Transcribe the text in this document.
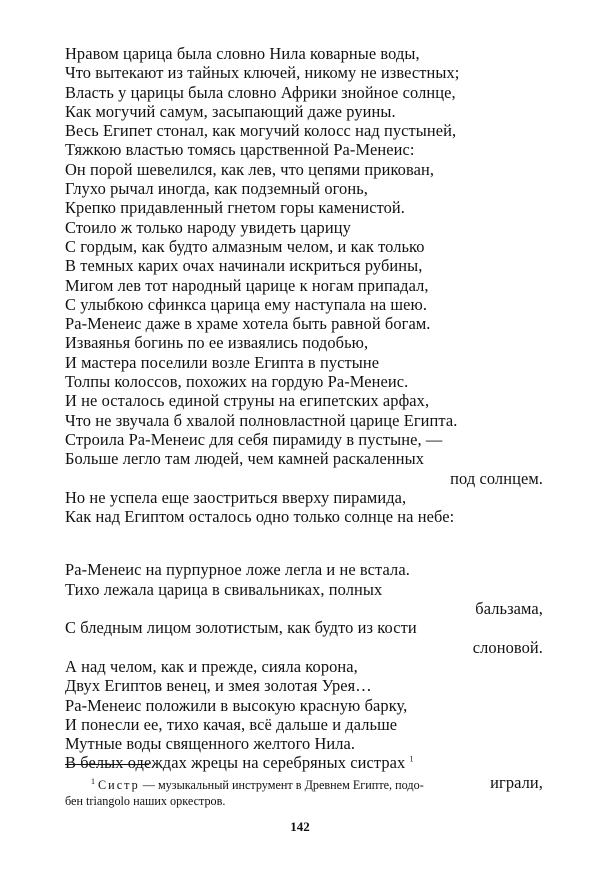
Нравом царица была словно Нила коварные воды,
Что вытекают из тайных ключей, никому не известных;
Власть у царицы была словно Африки знойное солнце,
Как могучий самум, засыпающий даже руины.
Весь Египет стонал, как могучий колосс над пустыней,
Тяжкою властью томясь царственной Ра-Менеис:
Он порой шевелился, как лев, что цепями прикован,
Глухо рычал иногда, как подземный огонь,
Крепко придавленный гнетом горы каменистой.
Стоило ж только народу увидеть царицу
С гордым, как будто алмазным челом, и как только
В темных карих очах начинали искриться рубины,
Мигом лев тот народный царице к ногам припадал,
С улыбкою сфинкса царица ему наступала на шею.
Ра-Менеис даже в храме хотела быть равной богам.
Изваянья богинь по ее изваялись подобью,
И мастера поселили возле Египта в пустыне
Толпы колоссов, похожих на гордую Ра-Менеис.
И не осталось единой струны на египетских арфах,
Что не звучала б хвалой полновластной царице Египта.
Строила Ра-Менеис для себя пирамиду в пустыне, —
Больше легло там людей, чем камней раскаленных
под солнцем.
Но не успела еще заостриться вверху пирамида,
Как над Египтом осталось одно только солнце на небе:
Ра-Менеис на пурпурное ложе легла и не встала.
Тихо лежала царица в свивальниках, полных
бальзама,
С бледным лицом золотистым, как будто из кости
слоновой.
А над челом, как и прежде, сияла корона,
Двух Египтов венец, и змея золотая Урея…
Ра-Менеис положили в высокую красную барку,
И понесли ее, тихо качая, всё дальше и дальше
Мутные воды священного желтого Нила.
В белых одеждах жрецы на серебряных систрах $^1$
играли,
$^1$ Систр — музыкальный инструмент в Древнем Египте, подо-
бен triangolo наших оркестров.
142
